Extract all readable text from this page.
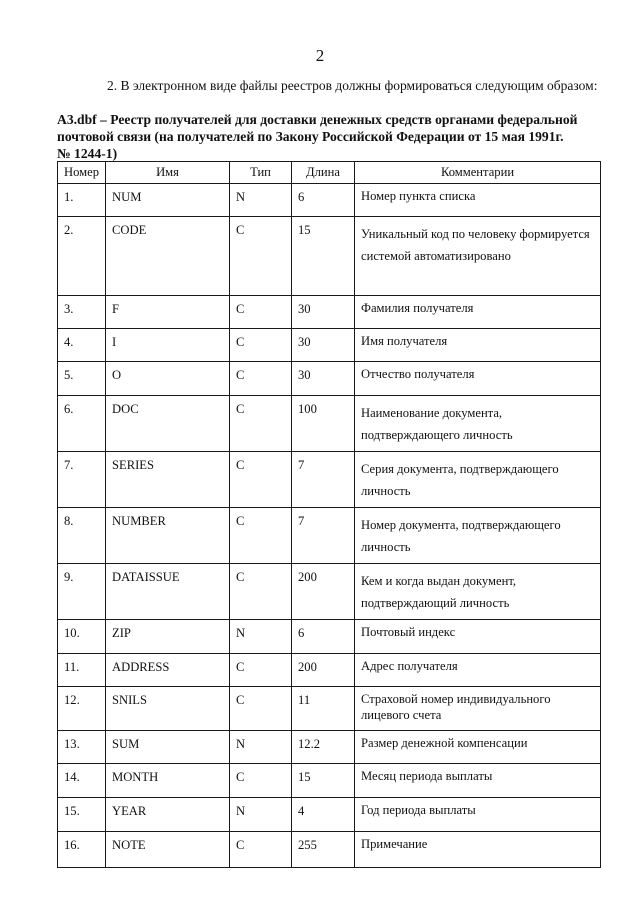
2
2. В электронном виде файлы реестров должны формироваться следующим образом:
А3.dbf – Реестр получателей для доставки денежных средств органами федеральной
почтовой связи (на получателей по Закону Российской Федерации от 15 мая 1991г.
№ 1244-1)
Номер	Имя	Тип	Длина	Комментарии
1.	NUM	N	6	Номер пункта списка
2.	CODE	C	15	Уникальный код по человеку формируется системой автоматизировано
3.	F	C	30	Фамилия получателя
4.	I	C	30	Имя получателя
5.	O	C	30	Отчество получателя
6.	DOC	C	100	Наименование документа, подтверждающего личность
7.	SERIES	C	7	Серия документа, подтверждающего личность
8.	NUMBER	C	7	Номер документа, подтверждающего личность
9.	DATAISSUE	C	200	Кем и когда выдан документ, подтверждающий личность
10.	ZIP	N	6	Почтовый индекс
11.	ADDRESS	C	200	Адрес получателя
12.	SNILS	C	11	Страховой номер индивидуального лицевого счета
13.	SUM	N	12.2	Размер денежной компенсации
14.	MONTH	C	15	Месяц периода выплаты
15.	YEAR	N	4	Год периода выплаты
16.	NOTE	C	255	Примечание
